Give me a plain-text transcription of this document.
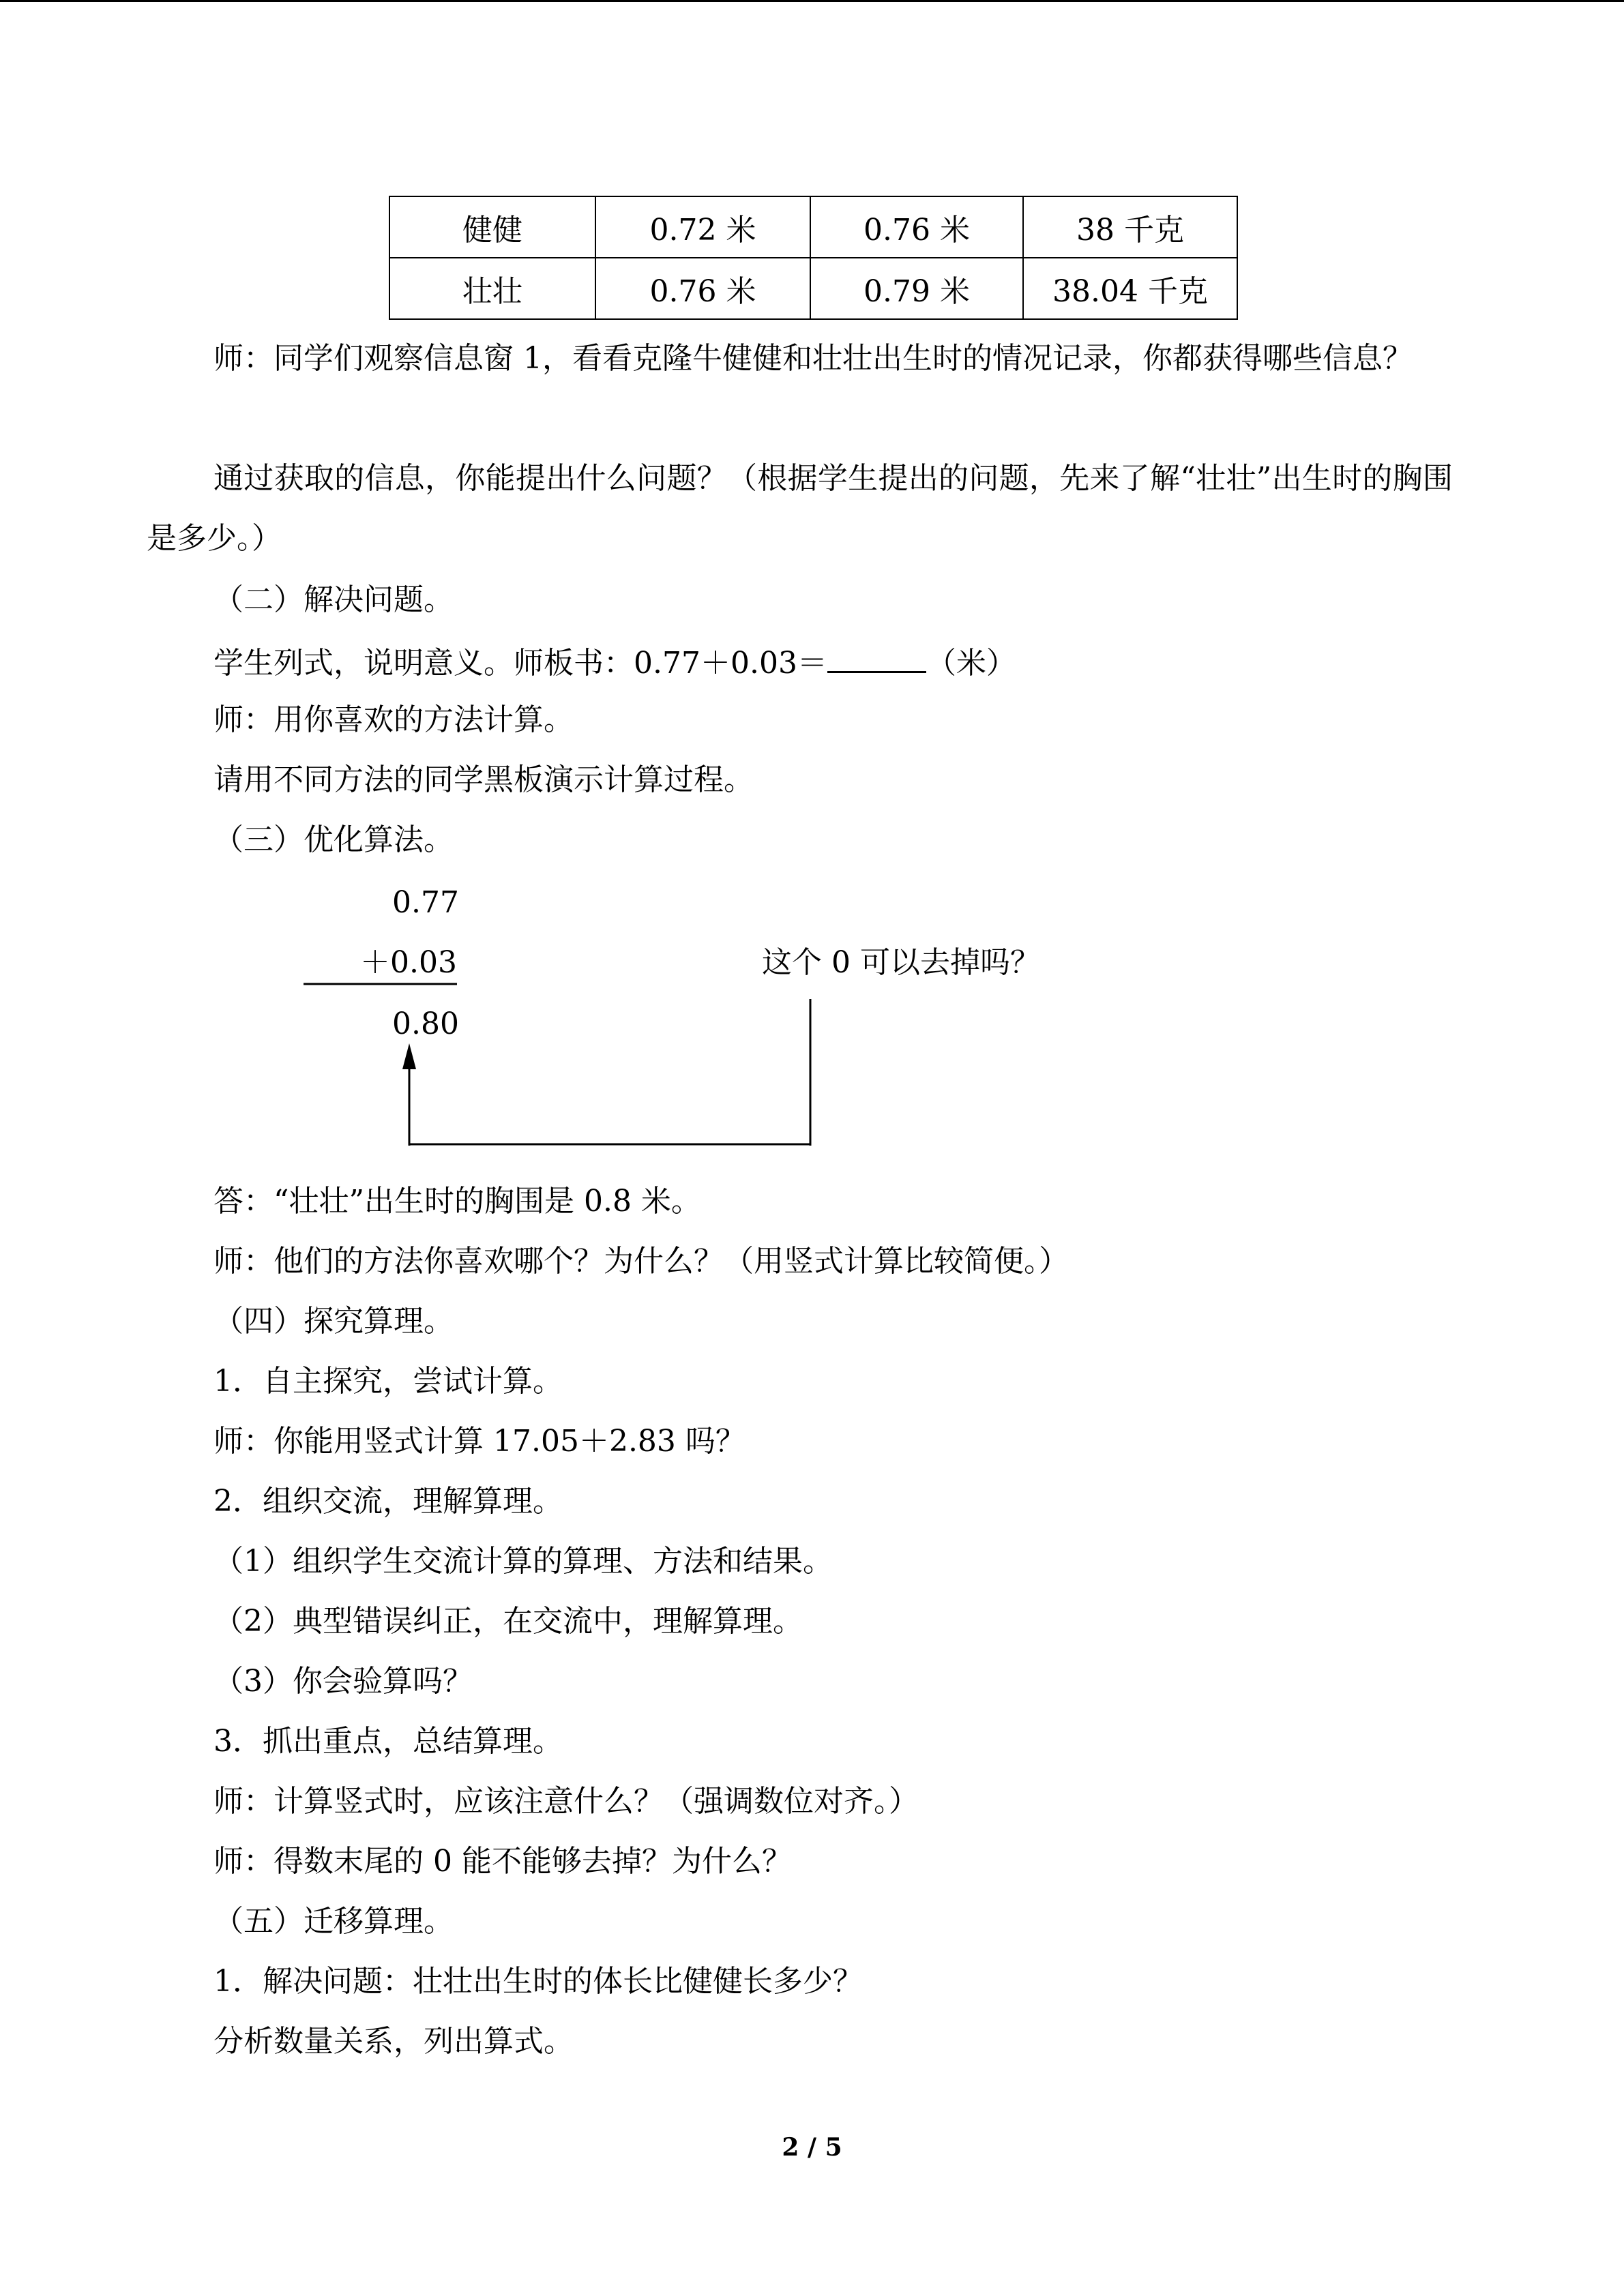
健健	0.72 米	0.76 米	38 千克
壮壮	0.76 米	0.79 米	38.04 千克
师：同学们观察信息窗 1，看看克隆牛健健和壮壮出生时的情况记录，你都获得哪些信息？
通过获取的信息，你能提出什么问题？（根据学生提出的问题，先来了解“壮壮”出生时的胸围是多少。）
（二）解决问题。
学生列式，说明意义。师板书：0.77＋0.03＝	（米）
师：用你喜欢的方法计算。
请用不同方法的同学黑板演示计算过程。
（三）优化算法。
0.77
＋0.03
0.80
这个 0 可以去掉吗？
答：“壮壮”出生时的胸围是 0.8 米。
师：他们的方法你喜欢哪个？为什么？（用竖式计算比较简便。）
（四）探究算理。
1．自主探究，尝试计算。
师：你能用竖式计算 17.05＋2.83 吗？
2．组织交流，理解算理。
（1）组织学生交流计算的算理、方法和结果。
（2）典型错误纠正，在交流中，理解算理。
（3）你会验算吗？
3．抓出重点，总结算理。
师：计算竖式时，应该注意什么？（强调数位对齐。）
师：得数末尾的 0 能不能够去掉？为什么？
（五）迁移算理。
1．解决问题：壮壮出生时的体长比健健长多少？
分析数量关系，列出算式。
2 / 5
